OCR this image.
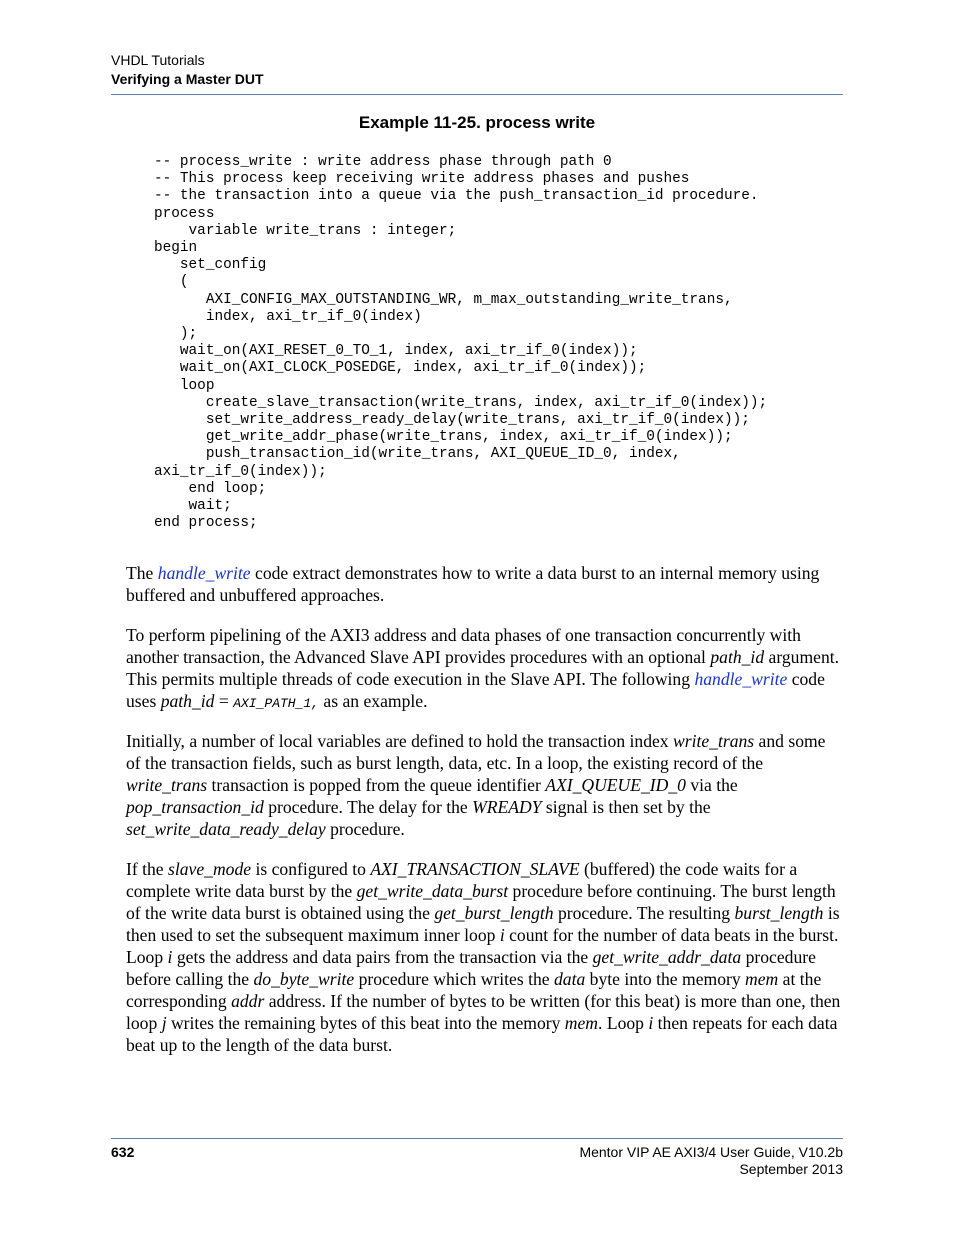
VHDL Tutorials
Verifying a Master DUT
Example 11-25. process write
-- process_write : write address phase through path 0
-- This process keep receiving write address phases and pushes
-- the transaction into a queue via the push_transaction_id procedure.
process
variable write_trans : integer;
begin
set_config
(
AXI_CONFIG_MAX_OUTSTANDING_WR, m_max_outstanding_write_trans,
index, axi_tr_if_0(index)
);
wait_on(AXI_RESET_0_TO_1, index, axi_tr_if_0(index));
wait_on(AXI_CLOCK_POSEDGE, index, axi_tr_if_0(index));
loop
create_slave_transaction(write_trans, index, axi_tr_if_0(index));
set_write_address_ready_delay(write_trans, axi_tr_if_0(index));
get_write_addr_phase(write_trans, index, axi_tr_if_0(index));
push_transaction_id(write_trans, AXI_QUEUE_ID_0, index,
axi_tr_if_0(index));
end loop;
wait;
end process;

The handle_write code extract demonstrates how to write a data burst to an internal memory using buffered and unbuffered approaches.

To perform pipelining of the AXI3 address and data phases of one transaction concurrently with another transaction, the Advanced Slave API provides procedures with an optional path_id argument. This permits multiple threads of code execution in the Slave API. The following handle_write code uses path_id = AXI_PATH_1, as an example.

Initially, a number of local variables are defined to hold the transaction index write_trans and some of the transaction fields, such as burst length, data, etc. In a loop, the existing record of the write_trans transaction is popped from the queue identifier AXI_QUEUE_ID_0 via the pop_transaction_id procedure. The delay for the WREADY signal is then set by the set_write_data_ready_delay procedure.

If the slave_mode is configured to AXI_TRANSACTION_SLAVE (buffered) the code waits for a complete write data burst by the get_write_data_burst procedure before continuing. The burst length of the write data burst is obtained using the get_burst_length procedure. The resulting burst_length is then used to set the subsequent maximum inner loop i count for the number of data beats in the burst. Loop i gets the address and data pairs from the transaction via the get_write_addr_data procedure before calling the do_byte_write procedure which writes the data byte into the memory mem at the corresponding addr address. If the number of bytes to be written (for this beat) is more than one, then loop j writes the remaining bytes of this beat into the memory mem. Loop i then repeats for each data beat up to the length of the data burst.

632	Mentor VIP AE AXI3/4 User Guide, V10.2b
September 2013
